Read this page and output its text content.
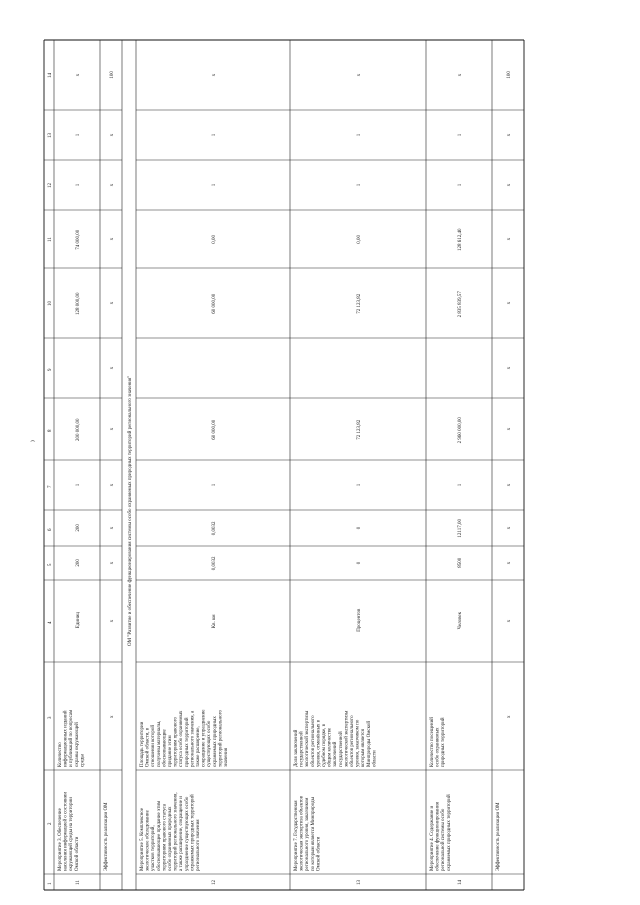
)
1
2
3
4
5
6
7
8
9
10
11
12
13
14
11
Мероприятие 3. Обеспечение населения информацией о состоянии окружающей среды на территории Омской области
Количество информационных изданий и публикаций по вопросам охраны окружающей среды
Единиц
200
200
1
200 000,00
128 000,00
74 000,00
1
1
x
Эффективность реализации ОМ
x
x
x
x
x
x
x
x
x
x
x
100
ОМ "Развитие и обеспечение функционирования системы особо охраняемых природных территорий регионального значения"
12
Мероприятие 5. Комплексное экологическое обследование участков территорий, обосновывающее придание этим территориям правового статуса особо охраняемых природных территорий регионального значения, а также расширение, сокращение и упразднение существующих особо охраняемых природных территорий регионального значения
Площадь территории Омской области, в отношении которой получены материалы, обосновывающие придание этим территориям правового статуса особо охраняемых природных территорий регионального значения, а также расширение, сокращение и упразднение существующих особо охраняемых природных территорий регионального значения
Кв. км
0,0032
0,0032
1
60 000,00
60 000,00
0,00
1
1
x
13
Мероприятие 7. Государственная экологическая экспертиза объектов регионального уровня, заказчиком по которым является Минприроды Омской области
Доля заключений государственной экологической экспертизы объектов регионального уровня, отменённых в судебном порядке, в общем количестве заключений государственной экологической экспертизы объектов регионального уровня, заказчиком по которым является Минприроды Омской области
Процентов
0
0
1
72 123,82
72 123,82
0,00
1
1
x
14
Мероприятие 4. Содержание и обеспечение функционирования региональной системы особо охраняемых природных территорий
Количество посещений особо охраняемых природных территорий
Человек
8500
12117,00
1
2 960 000,00
2 835 839,57
128 612,40
1
1
x
Эффективность реализации ОМ
x
x
x
x
x
x
x
x
x
x
x
100
